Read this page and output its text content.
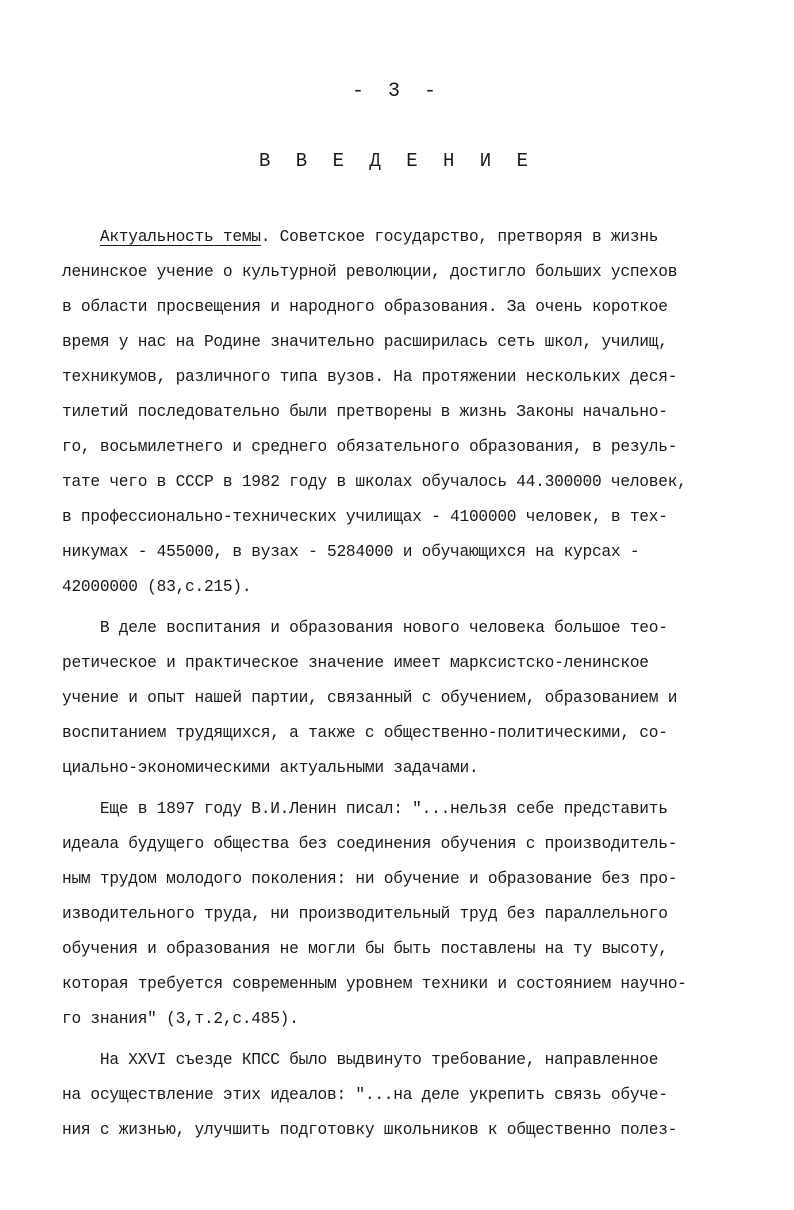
- 3 -
В В Е Д Е Н И Е
Актуальность темы. Советское государство, претворяя в жизнь
ленинское учение о культурной революции, достигло больших успехов
в области просвещения и народного образования. За очень короткое
время у нас на Родине значительно расширилась сеть школ, училищ,
техникумов, различного типа вузов. На протяжении нескольких деся-
тилетий последовательно были претворены в жизнь Законы начально-
го, восьмилетнего и среднего обязательного образования, в резуль-
тате чего в СССР в 1982 году в школах обучалось 44.300000 человек,
в профессионально-технических училищах - 4100000 человек, в тех-
никумах - 455000, в вузах - 5284000 и обучающихся на курсах -
42000000 (83,с.215).
В деле воспитания и образования нового человека большое тео-
ретическое и практическое значение имеет марксистско-ленинское
учение и опыт нашей партии, связанный с обучением, образованием и
воспитанием трудящихся, а также с общественно-политическими, со-
циально-экономическими актуальными задачами.
Еще в 1897 году В.И.Ленин писал: "...нельзя себе представить
идеала будущего общества без соединения обучения с производитель-
ным трудом молодого поколения: ни обучение и образование без про-
изводительного труда, ни производительный труд без параллельного
обучения и образования не могли бы быть поставлены на ту высоту,
которая требуется современным уровнем техники и состоянием научно-
го знания" (3,т.2,с.485).
На XXVI съезде КПСС было выдвинуто требование, направленное
на осуществление этих идеалов: "...на деле укрепить связь обуче-
ния с жизнью, улучшить подготовку школьников к общественно полез-
